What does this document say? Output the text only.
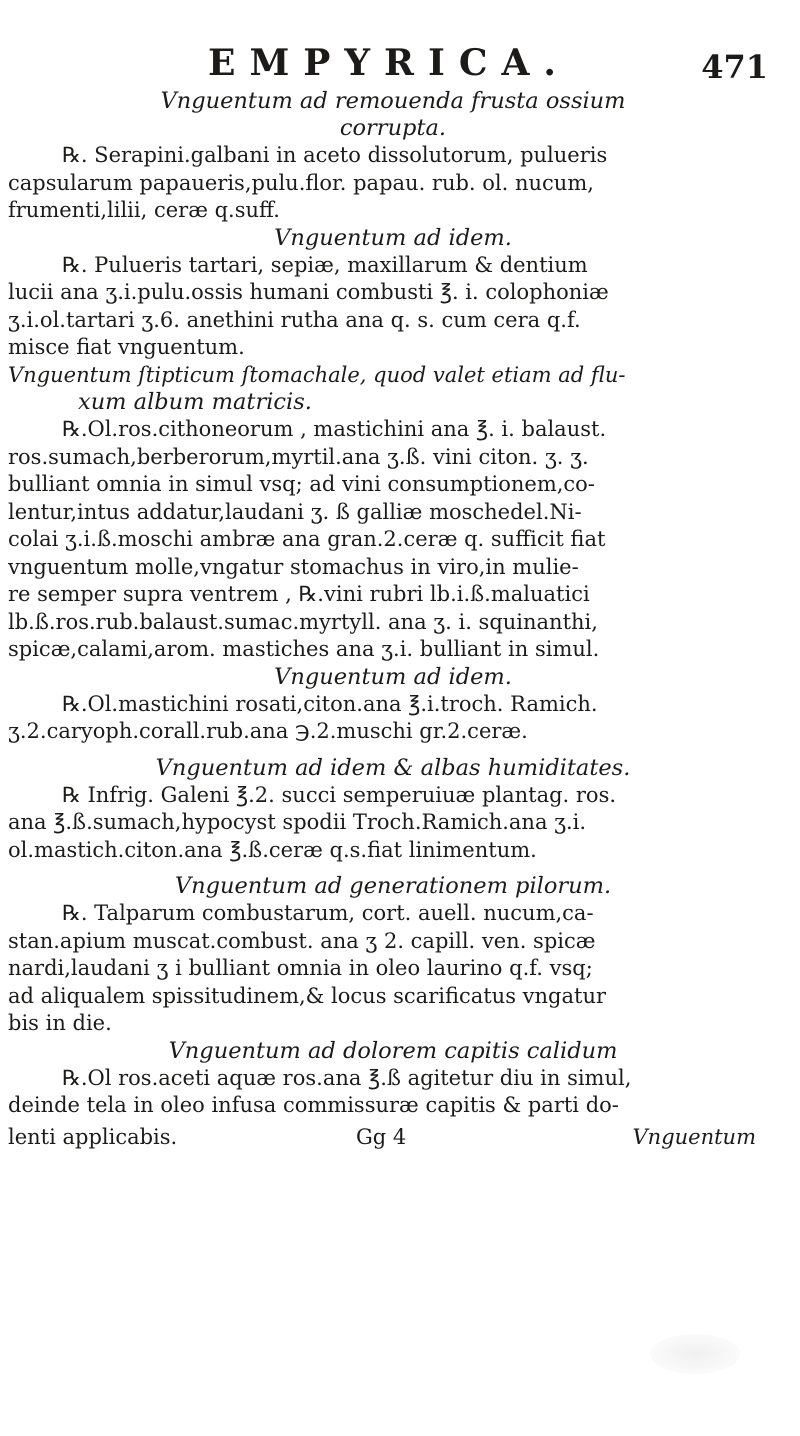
EMPYRICA.	471

Vnguentum ad remouenda frusta ossium

corrupta.

℞. Serapini.galbani in aceto dissolutorum, pulueris

capsularum papaueris,pulu.flor. papau. rub. ol. nucum,

frumenti,lilii, ceræ q.suff.

Vnguentum ad idem.

℞. Pulueris tartari, sepiæ, maxillarum & dentium

lucii ana ʒ.i.pulu.ossis humani combusti ℥. i. colophoniæ

ʒ.i.ol.tartari ʒ.6. anethini rutha ana q. s. cum cera q.f.

misce fiat vnguentum.

Vnguentum ſtipticum ſtomachale, quod valet etiam ad flu-

xum album matricis.

℞.Ol.ros.cithoneorum , mastichini ana ℥. i. balaust.

ros.sumach,berberorum,myrtil.ana ʒ.ß. vini citon. ʒ. ʒ.

bulliant omnia in simul vsq; ad vini consumptionem,co-

lentur,intus addatur,laudani ʒ. ß galliæ moschedel.Ni-

colai ʒ.i.ß.moschi ambræ ana gran.2.ceræ q. sufficit fiat

vnguentum molle,vngatur stomachus in viro,in mulie-

re semper supra ventrem , ℞.vini rubri lb.i.ß.maluatici

lb.ß.ros.rub.balaust.sumac.myrtyll. ana ʒ. i. squinanthi,

spicæ,calami,arom. mastiches ana ʒ.i. bulliant in simul.

Vnguentum ad idem.

℞.Ol.mastichini rosati,citon.ana ℥.i.troch. Ramich.

ʒ.2.caryoph.corall.rub.ana ℈.2.muschi gr.2.ceræ.

Vnguentum ad idem & albas humiditates.

℞ Infrig. Galeni ℥.2. succi semperuiuæ plantag. ros.

ana ℥.ß.sumach,hypocyst spodii Troch.Ramich.ana ʒ.i.

ol.mastich.citon.ana ℥.ß.ceræ q.s.fiat linimentum.

Vnguentum ad generationem pilorum.

℞. Talparum combustarum, cort. auell. nucum,ca-

stan.apium muscat.combust. ana ʒ 2. capill. ven. spicæ

nardi,laudani ʒ i bulliant omnia in oleo laurino q.f. vsq;

ad aliqualem spissitudinem,& locus scarificatus vngatur

bis in die.

Vnguentum ad dolorem capitis calidum

℞.Ol ros.aceti aquæ ros.ana ℥.ß agitetur diu in simul,

deinde tela in oleo infusa commissuræ capitis & parti do-

lenti applicabis.	Gg 4	Vnguentum
